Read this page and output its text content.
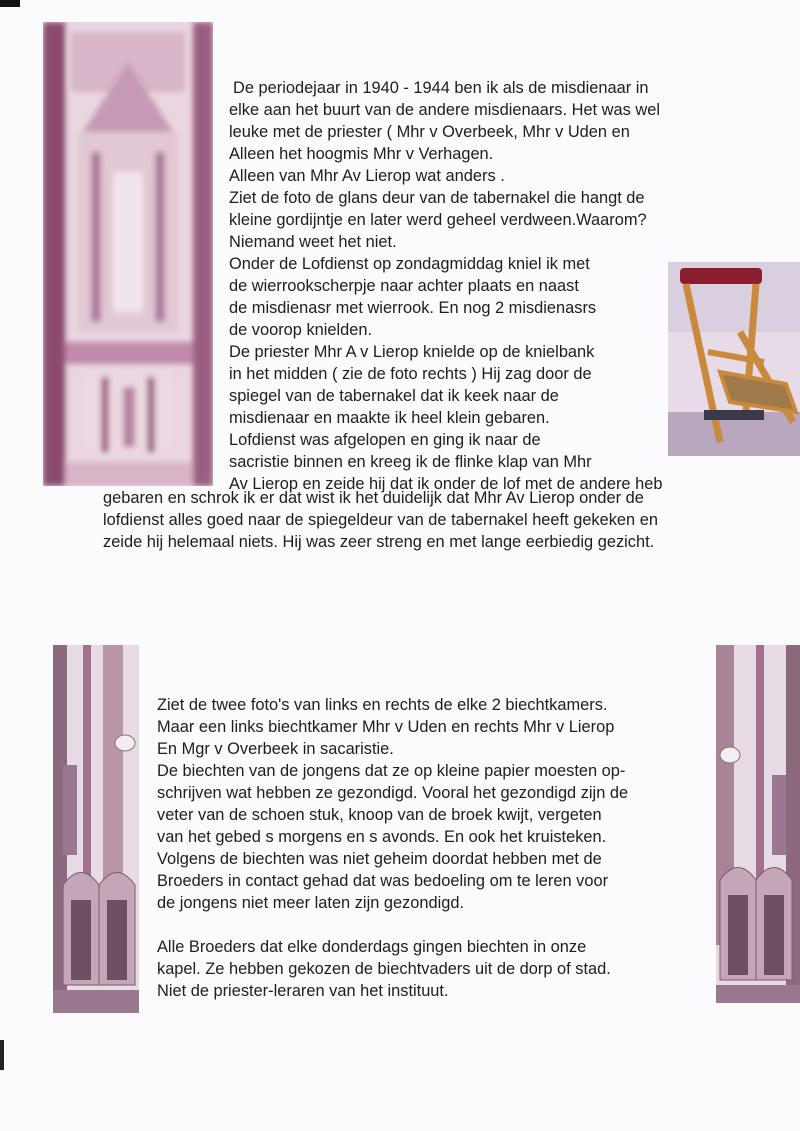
De periodejaar in 1940 - 1944 ben ik als de misdienaar in
elke aan het buurt van de andere misdienaars. Het was wel
leuke met de priester ( Mhr v Overbeek, Mhr v Uden en
Alleen het hoogmis Mhr v Verhagen.
Alleen van Mhr Av Lierop wat anders .
Ziet de foto de glans deur van de tabernakel die hangt de
kleine gordijntje en later werd geheel verdween.Waarom?
Niemand weet het niet.
Onder de Lofdienst op zondagmiddag kniel ik met
de wierrookscherpje naar achter plaats en naast
de misdienasr met wierrook. En nog 2 misdienasrs
de voorop knielden.
De priester Mhr A v Lierop knielde op de knielbank
in het midden ( zie de foto rechts ) Hij zag door de
spiegel van de tabernakel dat ik keek naar de
misdienaar en maakte ik heel klein gebaren.
Lofdienst was afgelopen en ging ik naar de
sacristie binnen en kreeg ik de flinke klap van Mhr
Av Lierop en zeide hij dat ik onder de lof met de andere heb
gebaren en schrok ik er dat wist ik het duidelijk dat Mhr Av Lierop onder de
lofdienst alles goed naar de spiegeldeur van de tabernakel heeft gekeken en
zeide hij helemaal niets. Hij was zeer streng en met lange eerbiedig gezicht.
Ziet de twee foto's van links en rechts de elke 2 biechtkamers.
Maar een links biechtkamer Mhr v Uden en rechts Mhr v Lierop
En Mgr v Overbeek in sacaristie.
De biechten van de jongens dat ze op kleine papier moesten op-
schrijven wat hebben ze gezondigd. Vooral het gezondigd zijn de
veter van de schoen stuk, knoop van de broek kwijt, vergeten
van het gebed s morgens en s avonds. En ook het kruisteken.
Volgens de biechten was niet geheim doordat hebben met de
Broeders in contact gehad dat was bedoeling om te leren voor
de jongens niet meer laten zijn gezondigd.
Alle Broeders dat elke donderdags gingen biechten in onze
kapel. Ze hebben gekozen de biechtvaders uit de dorp of stad.
Niet de priester-leraren van het instituut.
